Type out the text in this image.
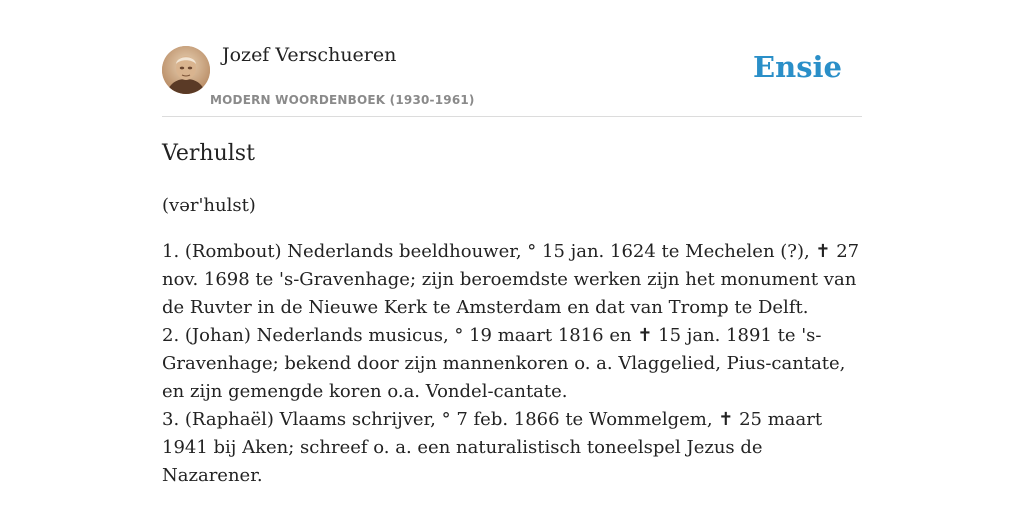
Jozef Verschueren
MODERN WOORDENBOEK (1930-1961)
Ensie
Verhulst
(vər'hulst)

1. (Rombout) Nederlands beeldhouwer, ° 15 jan. 1624 te Mechelen (?), ✝ 27 nov. 1698 te 's-Gravenhage; zijn beroemdste werken zijn het monument van de Ruvter in de Nieuwe Kerk te Amsterdam en dat van Tromp te Delft.

2. (Johan) Nederlands musicus, ° 19 maart 1816 en ✝ 15 jan. 1891 te 's-Gravenhage; bekend door zijn mannenkoren o. a. Vlaggelied, Pius-cantate, en zijn gemengde koren o.a. Vondel-cantate.

3. (Raphaël) Vlaams schrijver, ° 7 feb. 1866 te Wommelgem, ✝ 25 maart 1941 bij Aken; schreef o. a. een naturalistisch toneelspel Jezus de Nazarener.
